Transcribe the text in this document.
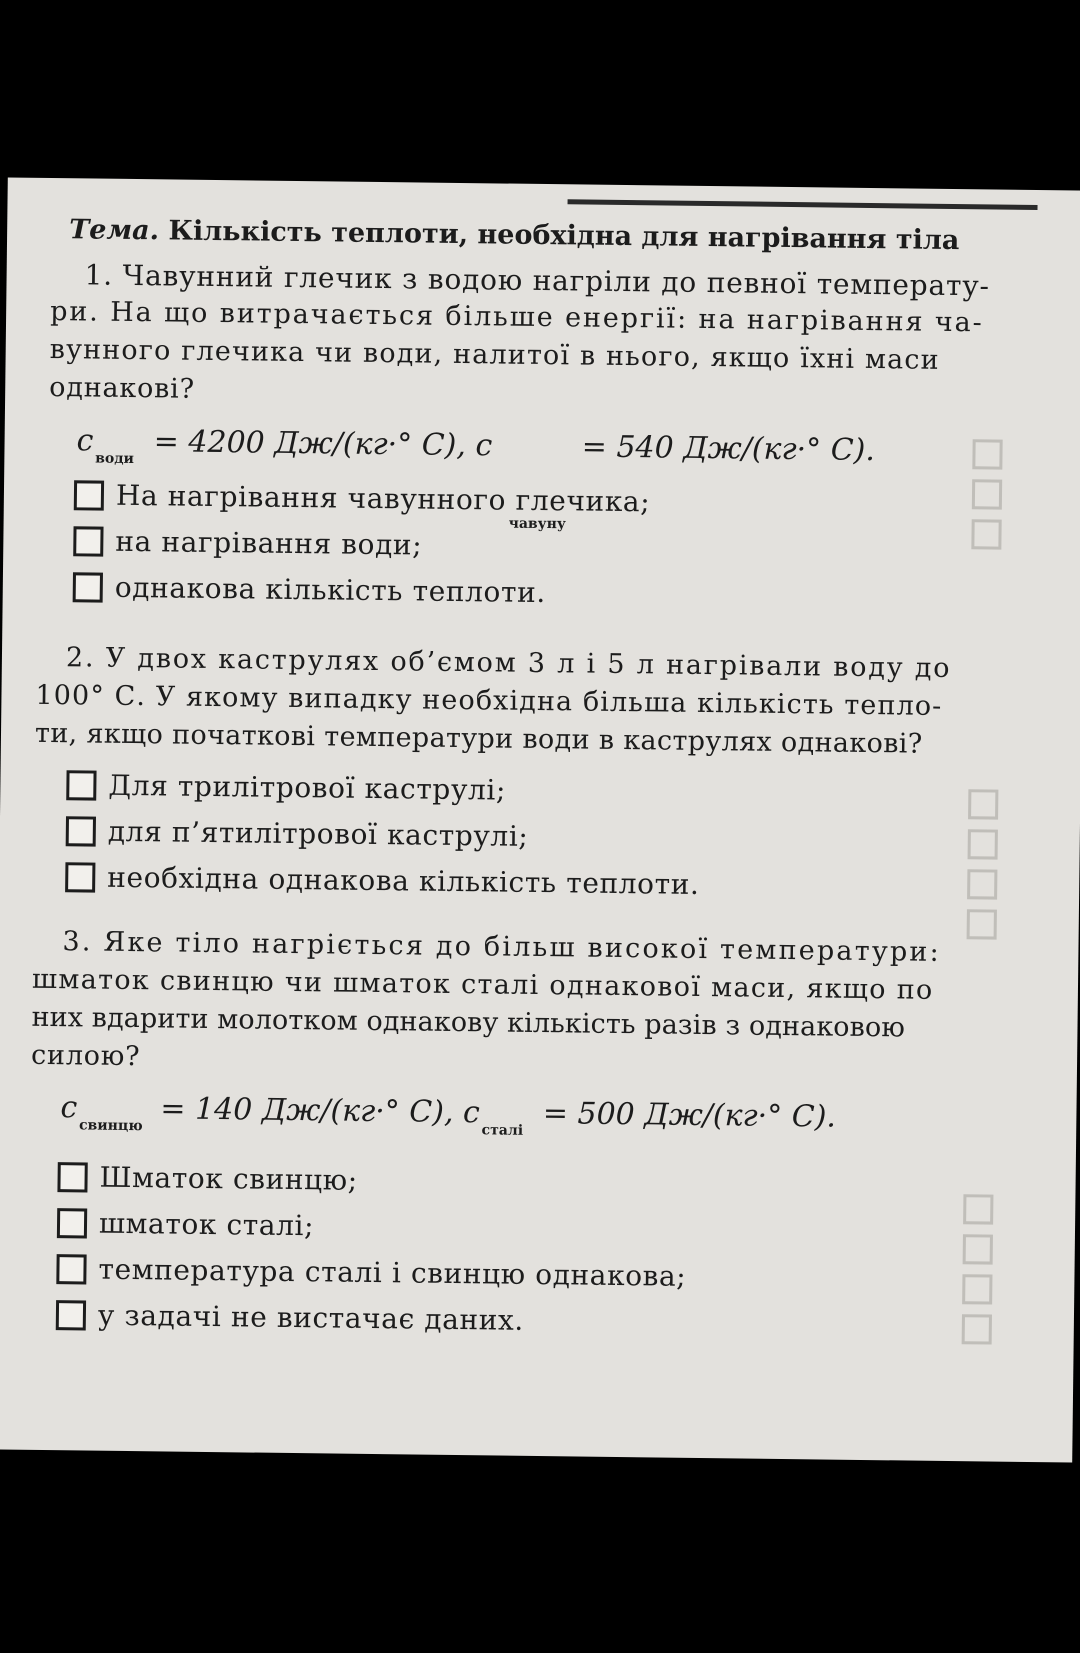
Тема. Кількість теплоти, необхідна для нагрівання тіла
1. Чавунний глечик з водою нагріли до певної температу-
ри. На що витрачається більше енергії: на нагрівання ча-
вунного глечика чи води, налитої в нього, якщо їхні маси
однакові?
$c_{води} = 4200$ Дж/(кг·° С), c	= 540 Дж/(кг·° С).
чавуну
На нагрівання чавунного глечика;
на нагрівання води;
однакова кількість теплоти.
2. У двох каструлях об’ємом 3 л і 5 л нагрівали воду до
100° С. У якому випадку необхідна більша кількість тепло-
ти, якщо початкові температури води в каструлях однакові?
Для трилітрової каструлі;
для п’ятилітрової каструлі;
необхідна однакова кількість теплоти.
3. Яке тіло нагріється до більш високої температури:
шматок свинцю чи шматок сталі однакової маси, якщо по
них вдарити молотком однакову кількість разів з однаковою
силою?
$c_{свинцю} = 140$ Дж/(кг·° С), $c_{сталі} = 500$ Дж/(кг·° С).
Шматок свинцю;
шматок сталі;
температура сталі і свинцю однакова;
у задачі не вистачає даних.
